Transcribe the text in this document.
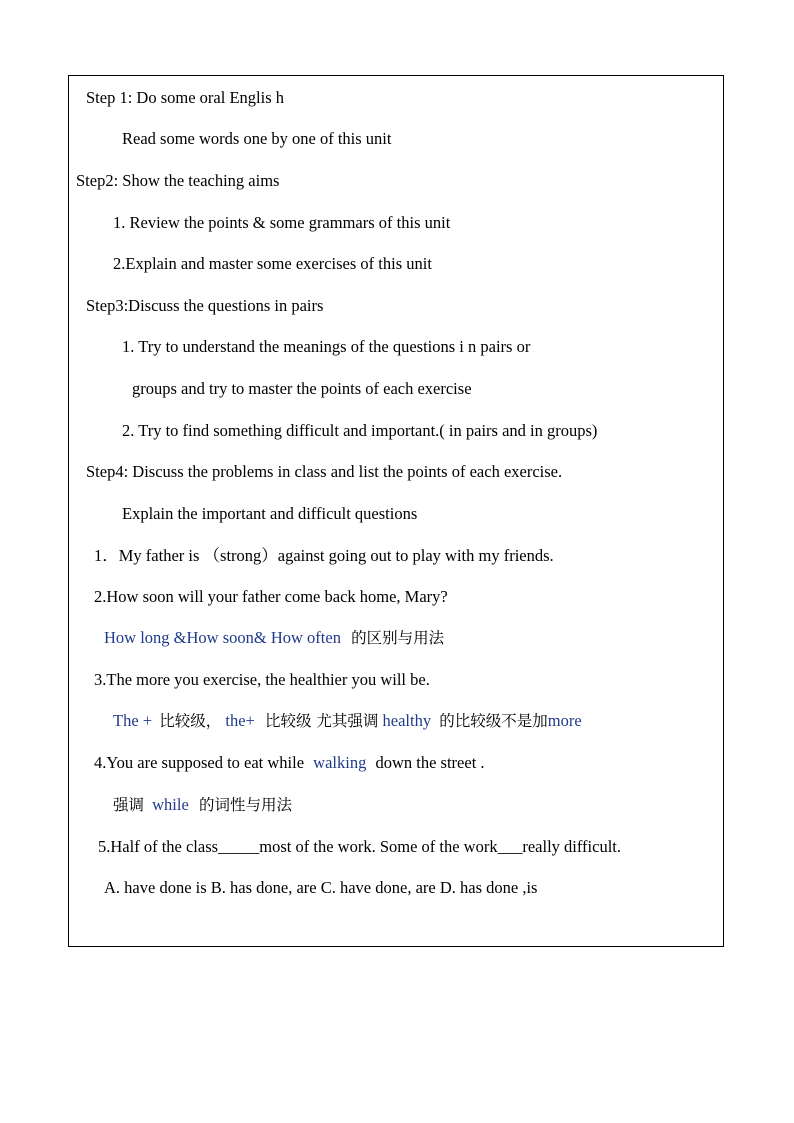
Step 1: Do some oral Englis h
Read some words one by one of this unit
Step2: Show the teaching aims
1. Review the points & some grammars of this unit
2.Explain and master some exercises of this unit
Step3:Discuss the questions in pairs
1. Try to understand the meanings of the questions i n pairs or
groups and try to master the points of each exercise
2. Try to find something difficult and important.( in pairs and in groups)
Step4: Discuss the problems in class and list the points of each exercise.
Explain the important and difficult questions
1．My father is （strong）against going out to play with my friends.
2.How soon will your father come back home, Mary?
How long &How soon& How often 的区别与用法
3.The more you exercise, the healthier you will be.
The + 比较级， the+ 比较级 尤其强调 healthy 的比较级不是加more
4.You are supposed to eat while walking down the street .
强调 while 的词性与用法
5.Half of the class_____most of the work. Some of the work___really difficult.
A. have done is B. has done, are C. have done, are D. has done ,is
